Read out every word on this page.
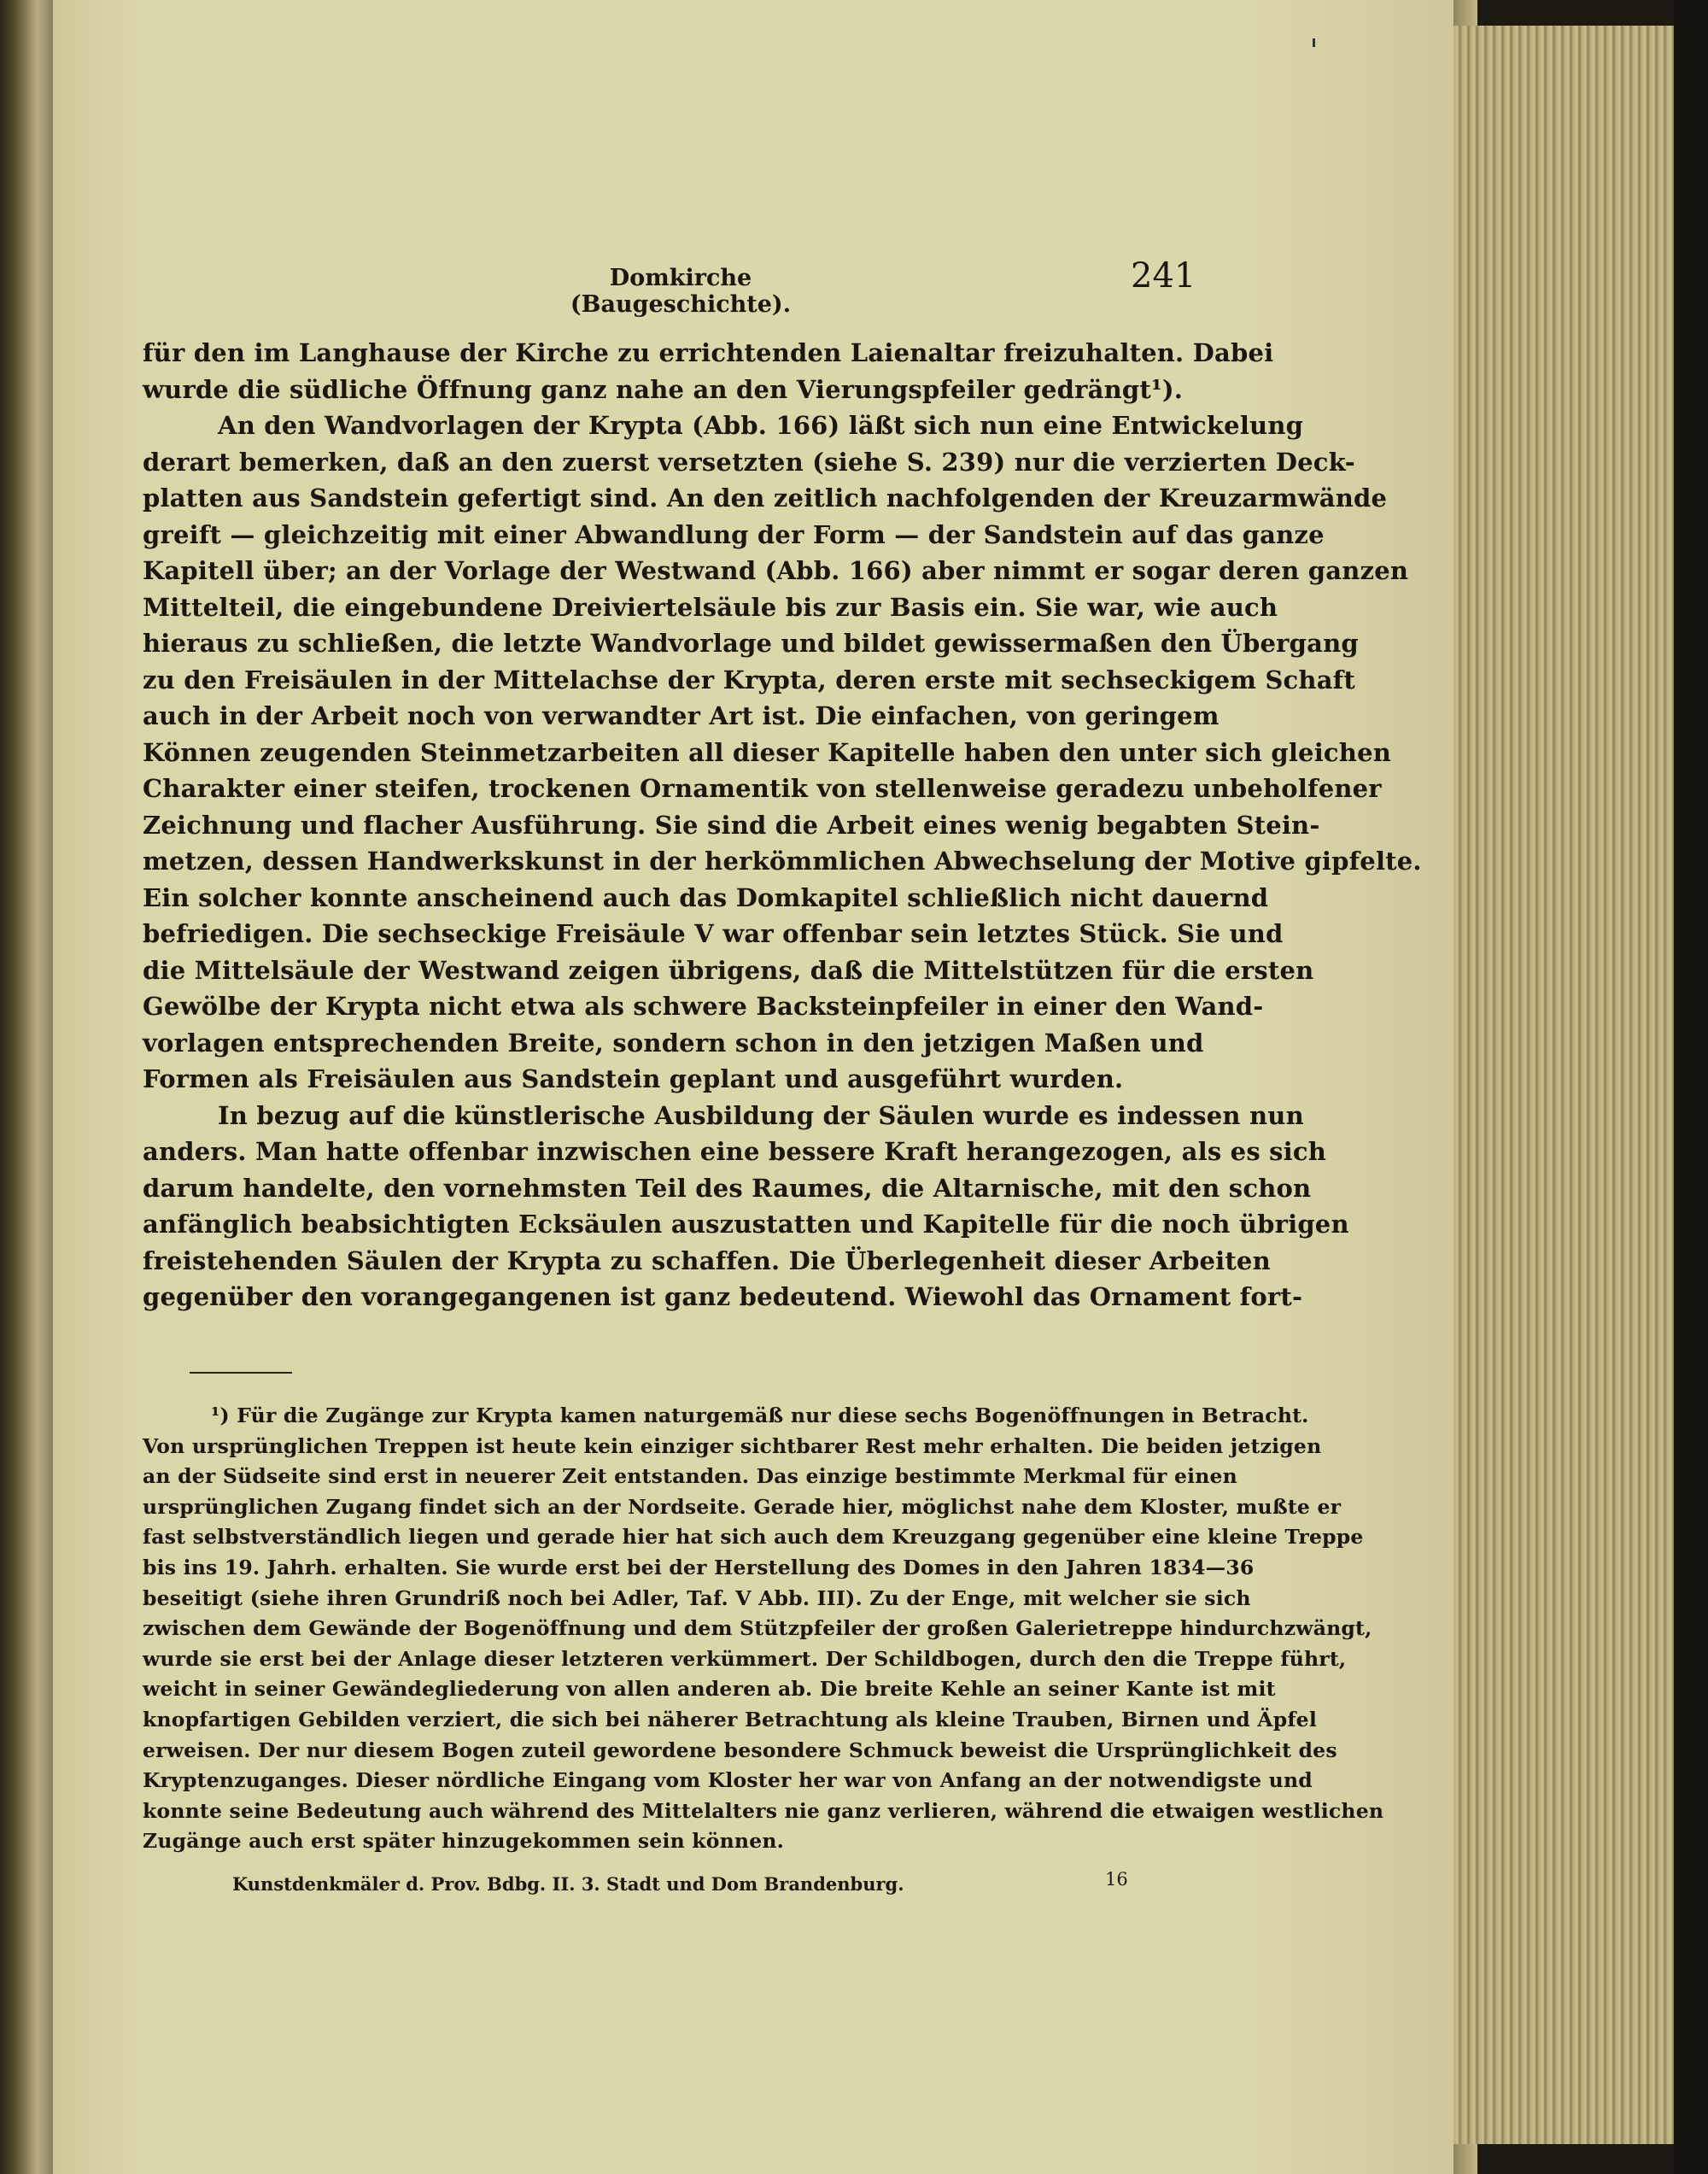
Domkirche (Baugeschichte).
241
für den im Langhause der Kirche zu errichtenden Laienaltar freizuhalten. Dabei
wurde die südliche Öffnung ganz nahe an den Vierungspfeiler gedrängt¹).
An den Wandvorlagen der Krypta (Abb. 166) läßt sich nun eine Entwickelung
derart bemerken, daß an den zuerst versetzten (siehe S. 239) nur die verzierten Deck-
platten aus Sandstein gefertigt sind. An den zeitlich nachfolgenden der Kreuzarmwände
greift — gleichzeitig mit einer Abwandlung der Form — der Sandstein auf das ganze
Kapitell über; an der Vorlage der Westwand (Abb. 166) aber nimmt er sogar deren ganzen
Mittelteil, die eingebundene Dreiviertelsäule bis zur Basis ein. Sie war, wie auch
hieraus zu schließen, die letzte Wandvorlage und bildet gewissermaßen den Übergang
zu den Freisäulen in der Mittelachse der Krypta, deren erste mit sechseckigem Schaft
auch in der Arbeit noch von verwandter Art ist. Die einfachen, von geringem
Können zeugenden Steinmetzarbeiten all dieser Kapitelle haben den unter sich gleichen
Charakter einer steifen, trockenen Ornamentik von stellenweise geradezu unbeholfener
Zeichnung und flacher Ausführung. Sie sind die Arbeit eines wenig begabten Stein-
metzen, dessen Handwerkskunst in der herkömmlichen Abwechselung der Motive gipfelte.
Ein solcher konnte anscheinend auch das Domkapitel schließlich nicht dauernd
befriedigen. Die sechseckige Freisäule V war offenbar sein letztes Stück. Sie und
die Mittelsäule der Westwand zeigen übrigens, daß die Mittelstützen für die ersten
Gewölbe der Krypta nicht etwa als schwere Backsteinpfeiler in einer den Wand-
vorlagen entsprechenden Breite, sondern schon in den jetzigen Maßen und
Formen als Freisäulen aus Sandstein geplant und ausgeführt wurden.
In bezug auf die künstlerische Ausbildung der Säulen wurde es indessen nun
anders. Man hatte offenbar inzwischen eine bessere Kraft herangezogen, als es sich
darum handelte, den vornehmsten Teil des Raumes, die Altarnische, mit den schon
anfänglich beabsichtigten Ecksäulen auszustatten und Kapitelle für die noch übrigen
freistehenden Säulen der Krypta zu schaffen. Die Überlegenheit dieser Arbeiten
gegenüber den vorangegangenen ist ganz bedeutend. Wiewohl das Ornament fort-
¹) Für die Zugänge zur Krypta kamen naturgemäß nur diese sechs Bogenöffnungen in Betracht.
Von ursprünglichen Treppen ist heute kein einziger sichtbarer Rest mehr erhalten. Die beiden jetzigen
an der Südseite sind erst in neuerer Zeit entstanden. Das einzige bestimmte Merkmal für einen
ursprünglichen Zugang findet sich an der Nordseite. Gerade hier, möglichst nahe dem Kloster, mußte er
fast selbstverständlich liegen und gerade hier hat sich auch dem Kreuzgang gegenüber eine kleine Treppe
bis ins 19. Jahrh. erhalten. Sie wurde erst bei der Herstellung des Domes in den Jahren 1834—36
beseitigt (siehe ihren Grundriß noch bei Adler, Taf. V Abb. III). Zu der Enge, mit welcher sie sich
zwischen dem Gewände der Bogenöffnung und dem Stützpfeiler der großen Galerietreppe hindurchzwängt,
wurde sie erst bei der Anlage dieser letzteren verkümmert. Der Schildbogen, durch den die Treppe führt,
weicht in seiner Gewändegliederung von allen anderen ab. Die breite Kehle an seiner Kante ist mit
knopfartigen Gebilden verziert, die sich bei näherer Betrachtung als kleine Trauben, Birnen und Äpfel
erweisen. Der nur diesem Bogen zuteil gewordene besondere Schmuck beweist die Ursprünglichkeit des
Kryptenzuganges. Dieser nördliche Eingang vom Kloster her war von Anfang an der notwendigste und
konnte seine Bedeutung auch während des Mittelalters nie ganz verlieren, während die etwaigen westlichen
Zugänge auch erst später hinzugekommen sein können.
Kunstdenkmäler d. Prov. Bdbg. II. 3. Stadt und Dom Brandenburg.	16
